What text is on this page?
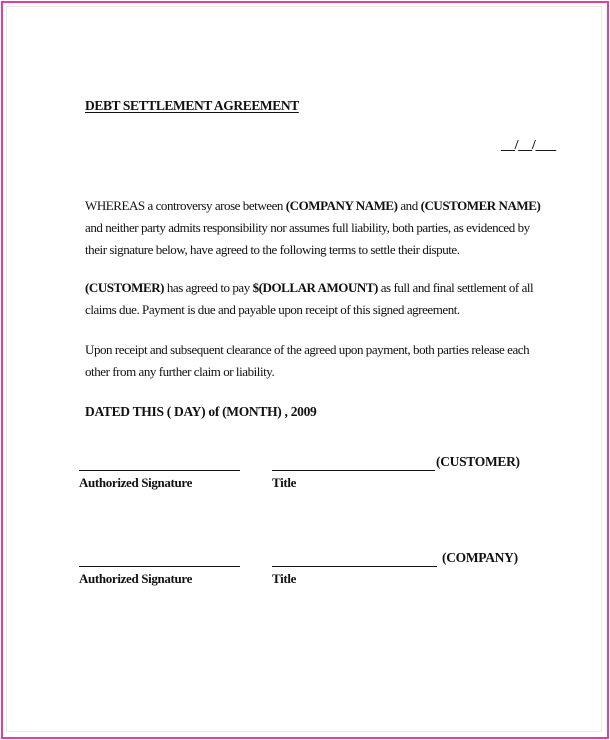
DEBT SETTLEMENT AGREEMENT
__/__/___
WHEREAS a controversy arose between (COMPANY NAME) and (CUSTOMER NAME)
and neither party admits responsibility nor assumes full liability, both parties, as evidenced by
their signature below, have agreed to the following terms to settle their dispute.
(CUSTOMER) has agreed to pay $(DOLLAR AMOUNT) as full and final settlement of all
claims due. Payment is due and payable upon receipt of this signed agreement.
Upon receipt and subsequent clearance of the agreed upon payment, both parties release each
other from any further claim or liability.
DATED THIS ( DAY) of (MONTH) , 2009
(CUSTOMER)
Authorized Signature	Title
(COMPANY)
Authorized Signature	Title
